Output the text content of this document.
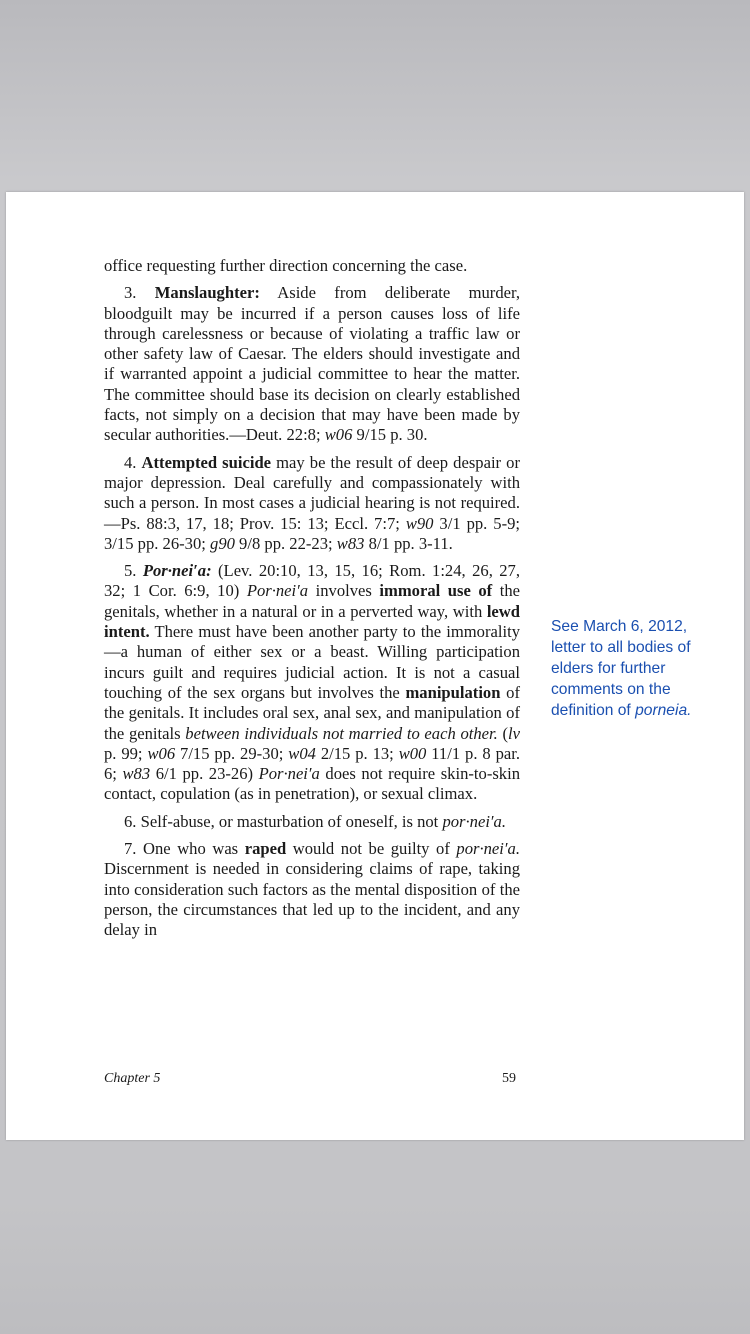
office requesting further direction concerning the case.

3. Manslaughter: Aside from deliberate murder, bloodguilt may be incurred if a person causes loss of life through carelessness or because of violating a traffic law or other safety law of Caesar. The elders should investigate and if warranted appoint a judicial committee to hear the matter. The committee should base its decision on clearly established facts, not simply on a decision that may have been made by secular authorities.—Deut. 22:8; w06 9/15 p. 30.

4. Attempted suicide may be the result of deep despair or major depression. Deal carefully and compassionately with such a person. In most cases a judicial hearing is not required.—Ps. 88:3, 17, 18; Prov. 15: 13; Eccl. 7:7; w90 3/1 pp. 5-9; 3/15 pp. 26-30; g90 9/8 pp. 22-23; w83 8/1 pp. 3-11.

5. Por·nei′a: (Lev. 20:10, 13, 15, 16; Rom. 1:24, 26, 27, 32; 1 Cor. 6:9, 10) Por·nei′a involves immoral use of the genitals, whether in a natural or in a perverted way, with lewd intent. There must have been another party to the immorality—a human of either sex or a beast. Willing participation incurs guilt and requires judicial action. It is not a casual touching of the sex organs but involves the manipulation of the genitals. It includes oral sex, anal sex, and manipulation of the genitals between individuals not married to each other. (lv p. 99; w06 7/15 pp. 29-30; w04 2/15 p. 13; w00 11/1 p. 8 par. 6; w83 6/1 pp. 23-26) Por·nei′a does not require skin-to-skin contact, copulation (as in penetration), or sexual climax.

6. Self-abuse, or masturbation of oneself, is not por·nei′a.

7. One who was raped would not be guilty of por·nei′a. Discernment is needed in considering claims of rape, taking into consideration such factors as the mental disposition of the person, the circumstances that led up to the incident, and any delay in

See March 6, 2012, letter to all bodies of elders for further comments on the definition of porneia.
Chapter 5	59
